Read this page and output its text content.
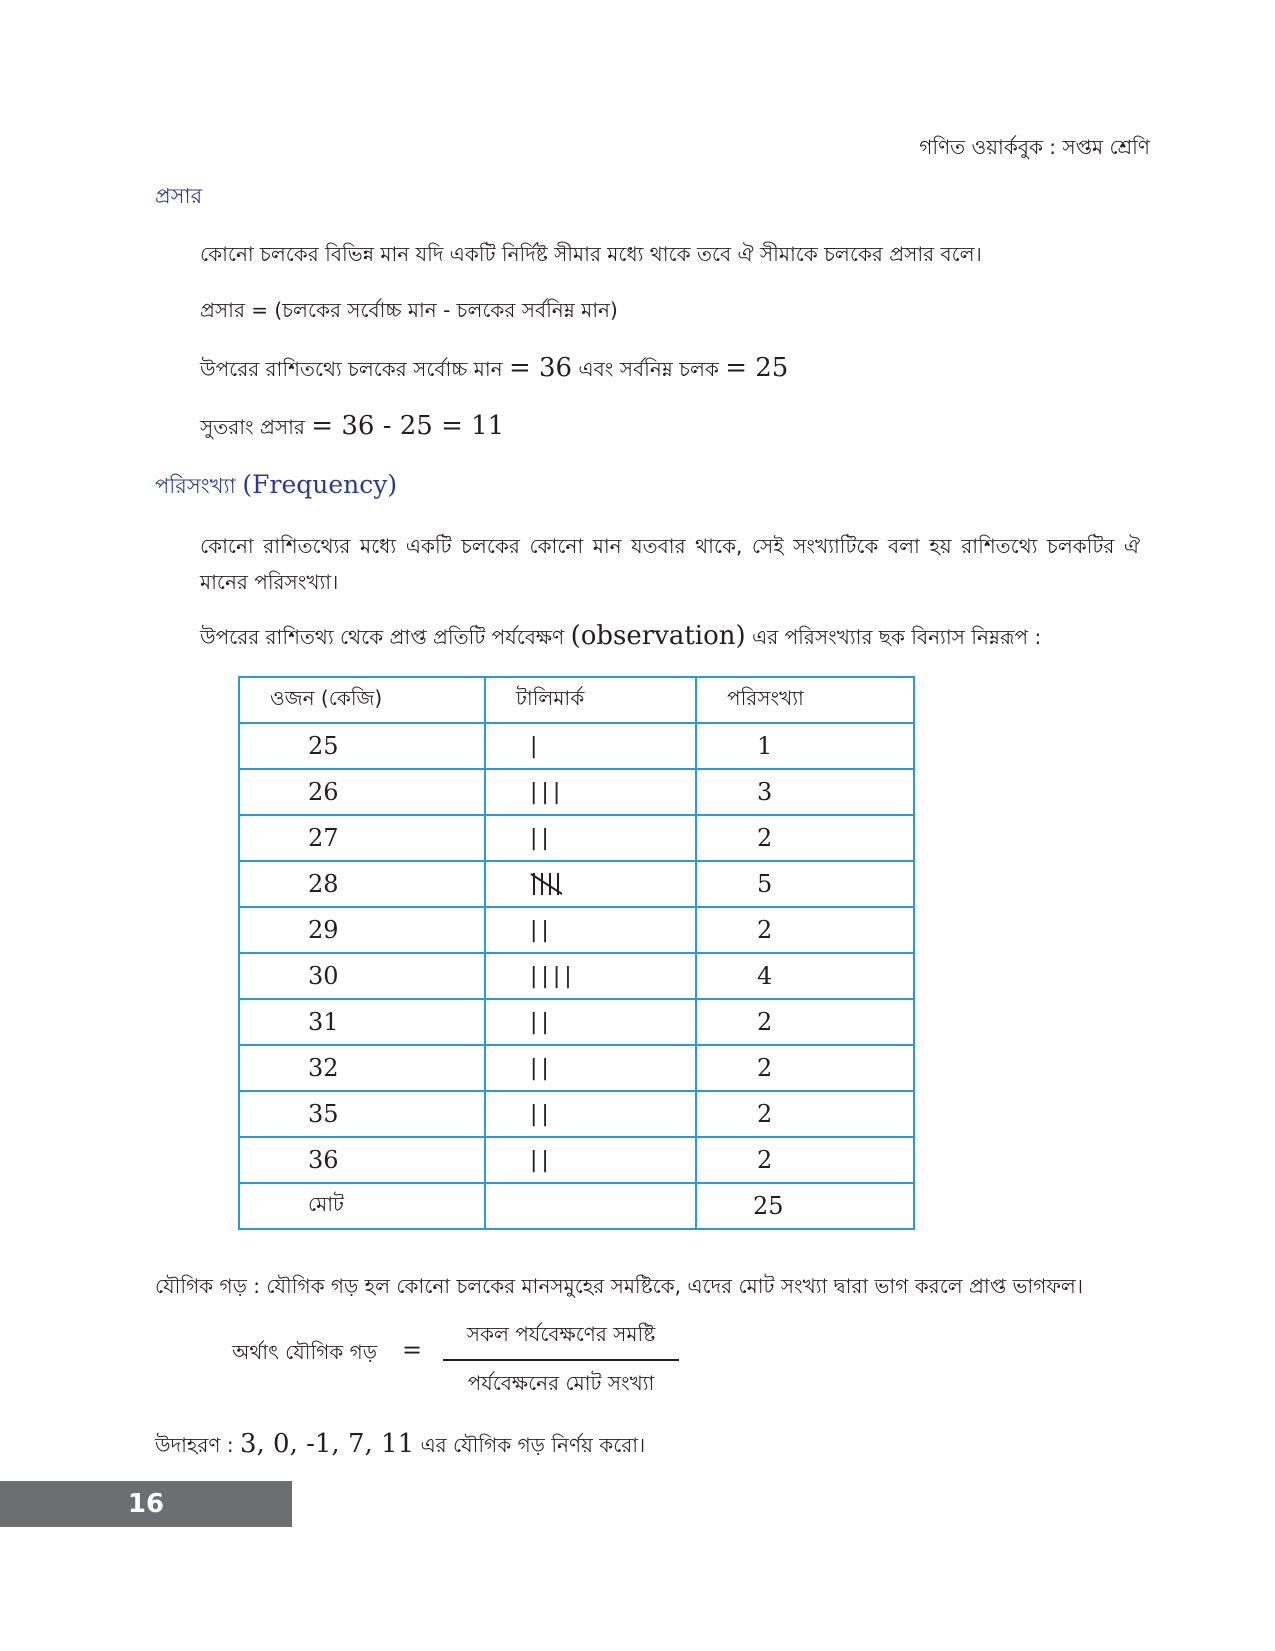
গণিত ওয়ার্কবুক : সপ্তম শ্রেণি
প্রসার
কোনো চলকের বিভিন্ন মান যদি একটি নির্দিষ্ট সীমার মধ্যে থাকে তবে ঐ সীমাকে চলকের প্রসার বলে।
প্রসার = (চলকের সর্বোচ্চ মান - চলকের সর্বনিম্ন মান)
উপরের রাশিতথ্যে চলকের সর্বোচ্চ মান = 36 এবং সর্বনিম্ন চলক = 25
সুতরাং প্রসার = 36 - 25 = 11
পরিসংখ্যা (Frequency)
কোনো রাশিতথ্যের মধ্যে একটি চলকের কোনো মান যতবার থাকে, সেই সংখ্যাটিকে বলা হয় রাশিতথ্যে চলকটির ঐ মানের পরিসংখ্যা।
উপরের রাশিতথ্য থেকে প্রাপ্ত প্রতিটি পর্যবেক্ষণ (observation) এর পরিসংখ্যার ছক বিন্যাস নিম্নরূপ :
ওজন (কেজি)	টালিমার্ক	পরিসংখ্যা
25	|	1
26	|||	3
27	||	2
28		5
29	||	2
30	||||	4
31	||	2
32	||	2
35	||	2
36	||	2
মোট		25
যৌগিক গড় : যৌগিক গড় হল কোনো চলকের মানসমুহের সমষ্টিকে, এদের মোট সংখ্যা দ্বারা ভাগ করলে প্রাপ্ত ভাগফল।
অর্থাৎ যৌগিক গড় =
সকল পর্যবেক্ষণের সমষ্টি
পর্যবেক্ষনের মোট সংখ্যা
উদাহরণ : 3, 0, -1, 7, 11 এর যৌগিক গড় নির্ণয় করো।
16
